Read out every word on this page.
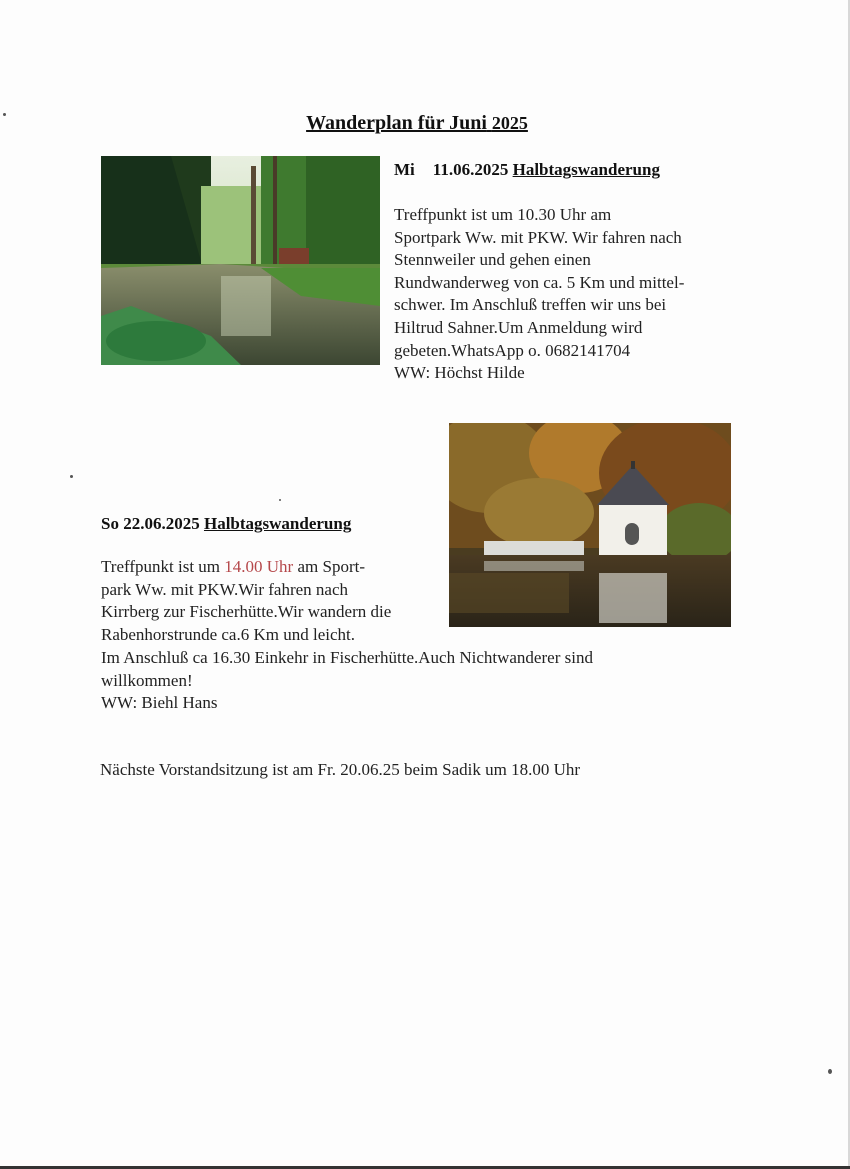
Wanderplan für Juni 2025
Mi 11.06.2025 Halbtagswanderung
Treffpunkt ist um 10.30 Uhr am
Sportpark Ww. mit PKW. Wir fahren nach
Stennweiler und gehen einen
Rundwanderweg von ca. 5 Km und mittel-
schwer. Im Anschluß treffen wir uns bei
Hiltrud Sahner.Um Anmeldung wird
gebeten.WhatsApp o. 0682141704
WW: Höchst Hilde
So 22.06.2025 Halbtagswanderung
Treffpunkt ist um 14.00 Uhr am Sport-
park Ww. mit PKW.Wir fahren nach
Kirrberg zur Fischerhütte.Wir wandern die
Rabenhorstrunde ca.6 Km und leicht.
Im Anschluß ca 16.30 Einkehr in Fischerhütte.Auch Nichtwanderer sind
willkommen!
WW: Biehl Hans
Nächste Vorstandsitzung ist am Fr. 20.06.25 beim Sadik um 18.00 Uhr
